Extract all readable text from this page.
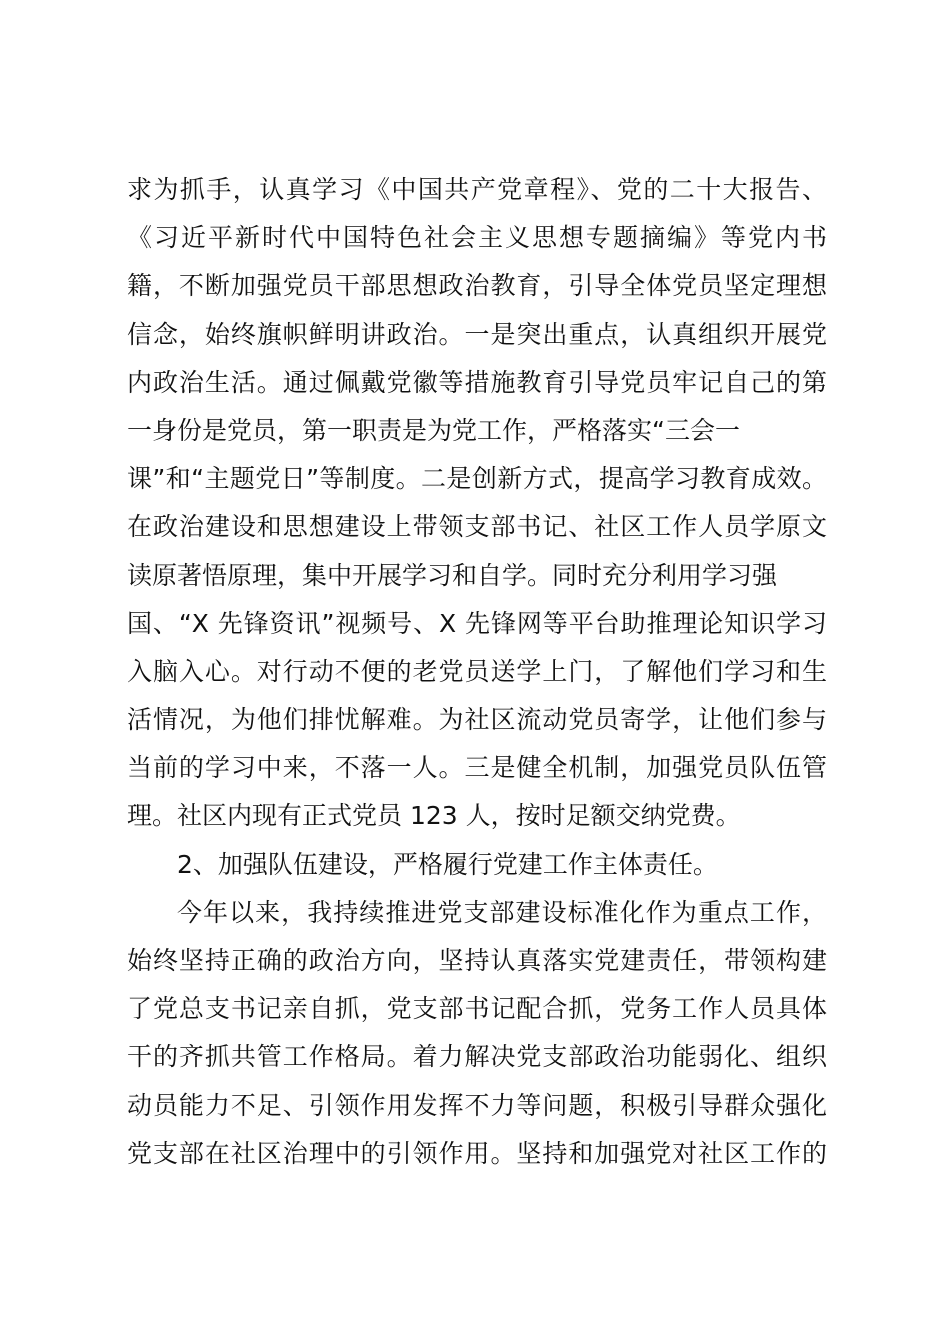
求为抓手，认真学习《中国共产党章程》、党的二十大报告、
《习近平新时代中国特色社会主义思想专题摘编》等党内书
籍，不断加强党员干部思想政治教育，引导全体党员坚定理想
信念，始终旗帜鲜明讲政治。一是突出重点，认真组织开展党
内政治生活。通过佩戴党徽等措施教育引导党员牢记自己的第
一身份是党员，第一职责是为党工作，严格落实“三会一
课”和“主题党日”等制度。二是创新方式，提高学习教育成效。
在政治建设和思想建设上带领支部书记、社区工作人员学原文
读原著悟原理，集中开展学习和自学。同时充分利用学习强
国、“X 先锋资讯”视频号、X 先锋网等平台助推理论知识学习
入脑入心。对行动不便的老党员送学上门，了解他们学习和生
活情况，为他们排忧解难。为社区流动党员寄学，让他们参与
当前的学习中来，不落一人。三是健全机制，加强党员队伍管
理。社区内现有正式党员 123 人，按时足额交纳党费。
2、加强队伍建设，严格履行党建工作主体责任。
今年以来，我持续推进党支部建设标准化作为重点工作，
始终坚持正确的政治方向，坚持认真落实党建责任，带领构建
了党总支书记亲自抓，党支部书记配合抓，党务工作人员具体
干的齐抓共管工作格局。着力解决党支部政治功能弱化、组织
动员能力不足、引领作用发挥不力等问题，积极引导群众强化
党支部在社区治理中的引领作用。坚持和加强党对社区工作的
